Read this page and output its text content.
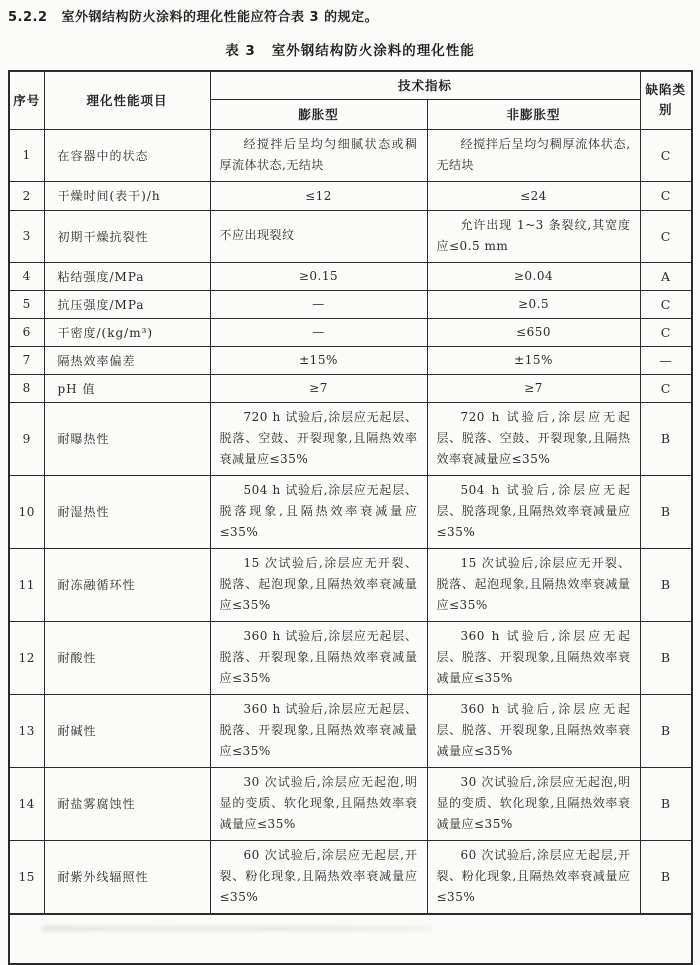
5.2.2 室外钢结构防火涂料的理化性能应符合表 3 的规定。
表 3 室外钢结构防火涂料的理化性能
序号	理化性能项目	技术指标		缺陷类别
		膨胀型	非膨胀型	
1	在容器中的状态	经搅拌后呈均匀细腻状态或稠厚流体状态,无结块	经搅拌后呈均匀稠厚流体状态,无结块	C
2	干燥时间(表干)/h	≤12	≤24	C
3	初期干燥抗裂性	不应出现裂纹	允许出现 1~3 条裂纹,其宽度应≤0.5 mm	C
4	粘结强度/MPa	≥0.15	≥0.04	A
5	抗压强度/MPa	—	≥0.5	C
6	干密度/(kg/m³)	—	≤650	C
7	隔热效率偏差	±15%	±15%	—
8	pH 值	≥7	≥7	C
9	耐曝热性	720 h 试验后,涂层应无起层、脱落、空鼓、开裂现象,且隔热效率衰减量应≤35%	720 h 试验后,涂层应无起层、脱落、空鼓、开裂现象,且隔热效率衰减量应≤35%	B
10	耐湿热性	504 h 试验后,涂层应无起层、脱落现象,且隔热效率衰减量应≤35%	504 h 试验后,涂层应无起层、脱落现象,且隔热效率衰减量应≤35%	B
11	耐冻融循环性	15 次试验后,涂层应无开裂、脱落、起泡现象,且隔热效率衰减量应≤35%	15 次试验后,涂层应无开裂、脱落、起泡现象,且隔热效率衰减量应≤35%	B
12	耐酸性	360 h 试验后,涂层应无起层、脱落、开裂现象,且隔热效率衰减量应≤35%	360 h 试验后,涂层应无起层、脱落、开裂现象,且隔热效率衰减量应≤35%	B
13	耐碱性	360 h 试验后,涂层应无起层、脱落、开裂现象,且隔热效率衰减量应≤35%	360 h 试验后,涂层应无起层、脱落、开裂现象,且隔热效率衰减量应≤35%	B
14	耐盐雾腐蚀性	30 次试验后,涂层应无起泡,明显的变质、软化现象,且隔热效率衰减量应≤35%	30 次试验后,涂层应无起泡,明显的变质、软化现象,且隔热效率衰减量应≤35%	B
15	耐紫外线辐照性	60 次试验后,涂层应无起层,开裂、粉化现象,且隔热效率衰减量应≤35%	60 次试验后,涂层应无起层,开裂、粉化现象,且隔热效率衰减量应≤35%	B
